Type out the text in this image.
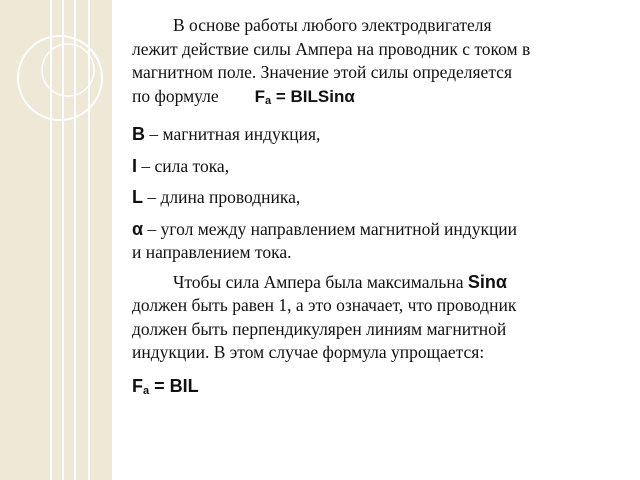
В основе работы любого электродвигателя
лежит действие силы Ампера на проводник с током в
магнитном поле. Значение этой силы определяется
по формуле $F_a$ = BILSinα
B – магнитная индукция,
I – сила тока,
L – длина проводника,
α – угол между направлением магнитной индукции
и направлением тока.
Чтобы сила Ампера была максимальна Sinα
должен быть равен 1, а это означает, что проводник
должен быть перпендикулярен линиям магнитной
индукции. В этом случае формула упрощается:
$F_a$ = BIL
